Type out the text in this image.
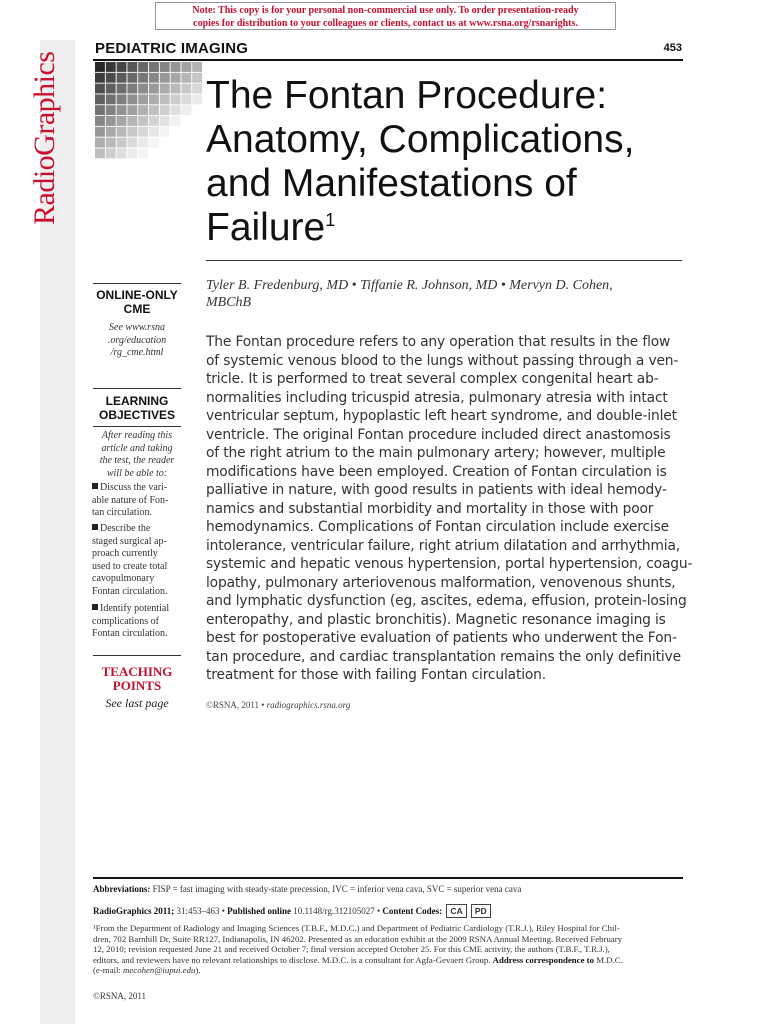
Note: This copy is for your personal non-commercial use only. To order presentation-ready
copies for distribution to your colleagues or clients, contact us at www.rsna.org/rsnarights.
RadioGraphics
PEDIATRIC IMAGING	453
The Fontan Procedure:
Anatomy, Complications,
and Manifestations of
Failure$^1$
Tyler B. Fredenburg, MD • Tiffanie R. Johnson, MD • Mervyn D. Cohen,
MBChB
The Fontan procedure refers to any operation that results in the flow
of systemic venous blood to the lungs without passing through a ven-
tricle. It is performed to treat several complex congenital heart ab-
normalities including tricuspid atresia, pulmonary atresia with intact
ventricular septum, hypoplastic left heart syndrome, and double-inlet
ventricle. The original Fontan procedure included direct anastomosis
of the right atrium to the main pulmonary artery; however, multiple
modifications have been employed. Creation of Fontan circulation is
palliative in nature, with good results in patients with ideal hemody-
namics and substantial morbidity and mortality in those with poor
hemodynamics. Complications of Fontan circulation include exercise
intolerance, ventricular failure, right atrium dilatation and arrhythmia,
systemic and hepatic venous hypertension, portal hypertension, coagu-
lopathy, pulmonary arteriovenous malformation, venovenous shunts,
and lymphatic dysfunction (eg, ascites, edema, effusion, protein-losing
enteropathy, and plastic bronchitis). Magnetic resonance imaging is
best for postoperative evaluation of patients who underwent the Fon-
tan procedure, and cardiac transplantation remains the only definitive
treatment for those with failing Fontan circulation.
©RSNA, 2011 • radiographics.rsna.org
ONLINE-ONLY
CME
See www.rsna
.org/education
/rg_cme.html
LEARNING
OBJECTIVES
After reading this
article and taking
the test, the reader
will be able to:
Discuss the vari-
able nature of Fon-
tan circulation.
Describe the
staged surgical ap-
proach currently
used to create total
cavopulmonary
Fontan circulation.
Identify potential
complications of
Fontan circulation.
TEACHING
POINTS
See last page
Abbreviations: FISP = fast imaging with steady-state precession, IVC = inferior vena cava, SVC = superior vena cava
RadioGraphics 2011; 31:453–463 • Published online 10.1148/rg.312105027 • Content Codes: CA PD
¹From the Department of Radiology and Imaging Sciences (T.B.F., M.D.C.) and Department of Pediatric Cardiology (T.R.J.), Riley Hospital for Chil-
dren, 702 Barnhill Dr, Suite RR127, Indianapolis, IN 46202. Presented as an education exhibit at the 2009 RSNA Annual Meeting. Received February
12, 2010; revision requested June 21 and received October 7; final version accepted October 25. For this CME activity, the authors (T.B.F., T.R.J.),
editors, and reviewers have no relevant relationships to disclose. M.D.C. is a consultant for Agfa-Gevaert Group. Address correspondence to M.D.C.
(e-mail: mecohen@iupui.edu).
©RSNA, 2011
